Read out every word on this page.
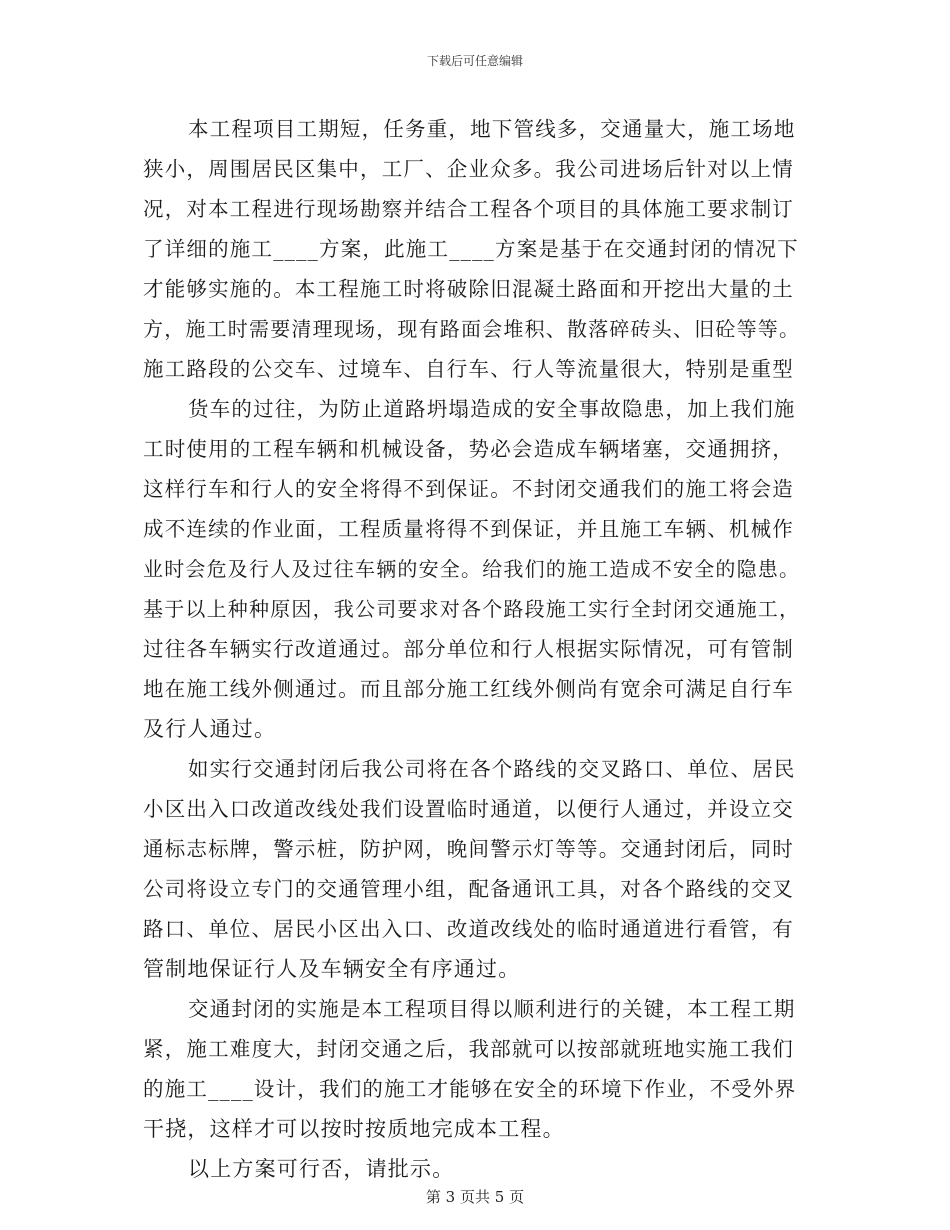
下载后可任意编辑
本工程项目工期短，任务重，地下管线多，交通量大，施工场地
狭小，周围居民区集中，工厂、企业众多。我公司进场后针对以上情
况，对本工程进行现场勘察并结合工程各个项目的具体施工要求制订
了详细的施工____方案，此施工____方案是基于在交通封闭的情况下
才能够实施的。本工程施工时将破除旧混凝土路面和开挖出大量的土
方，施工时需要清理现场，现有路面会堆积、散落碎砖头、旧砼等等。
施工路段的公交车、过境车、自行车、行人等流量很大，特别是重型
货车的过往，为防止道路坍塌造成的安全事故隐患，加上我们施
工时使用的工程车辆和机械设备，势必会造成车辆堵塞，交通拥挤，
这样行车和行人的安全将得不到保证。不封闭交通我们的施工将会造
成不连续的作业面，工程质量将得不到保证，并且施工车辆、机械作
业时会危及行人及过往车辆的安全。给我们的施工造成不安全的隐患。
基于以上种种原因，我公司要求对各个路段施工实行全封闭交通施工，
过往各车辆实行改道通过。部分单位和行人根据实际情况，可有管制
地在施工线外侧通过。而且部分施工红线外侧尚有宽余可满足自行车
及行人通过。
如实行交通封闭后我公司将在各个路线的交叉路口、单位、居民
小区出入口改道改线处我们设置临时通道，以便行人通过，并设立交
通标志标牌，警示桩，防护网，晚间警示灯等等。交通封闭后，同时
公司将设立专门的交通管理小组，配备通讯工具，对各个路线的交叉
路口、单位、居民小区出入口、改道改线处的临时通道进行看管，有
管制地保证行人及车辆安全有序通过。
交通封闭的实施是本工程项目得以顺利进行的关键，本工程工期
紧，施工难度大，封闭交通之后，我部就可以按部就班地实施工我们
的施工____设计，我们的施工才能够在安全的环境下作业，不受外界
干挠，这样才可以按时按质地完成本工程。
以上方案可行否，请批示。
第 3 页共 5 页
